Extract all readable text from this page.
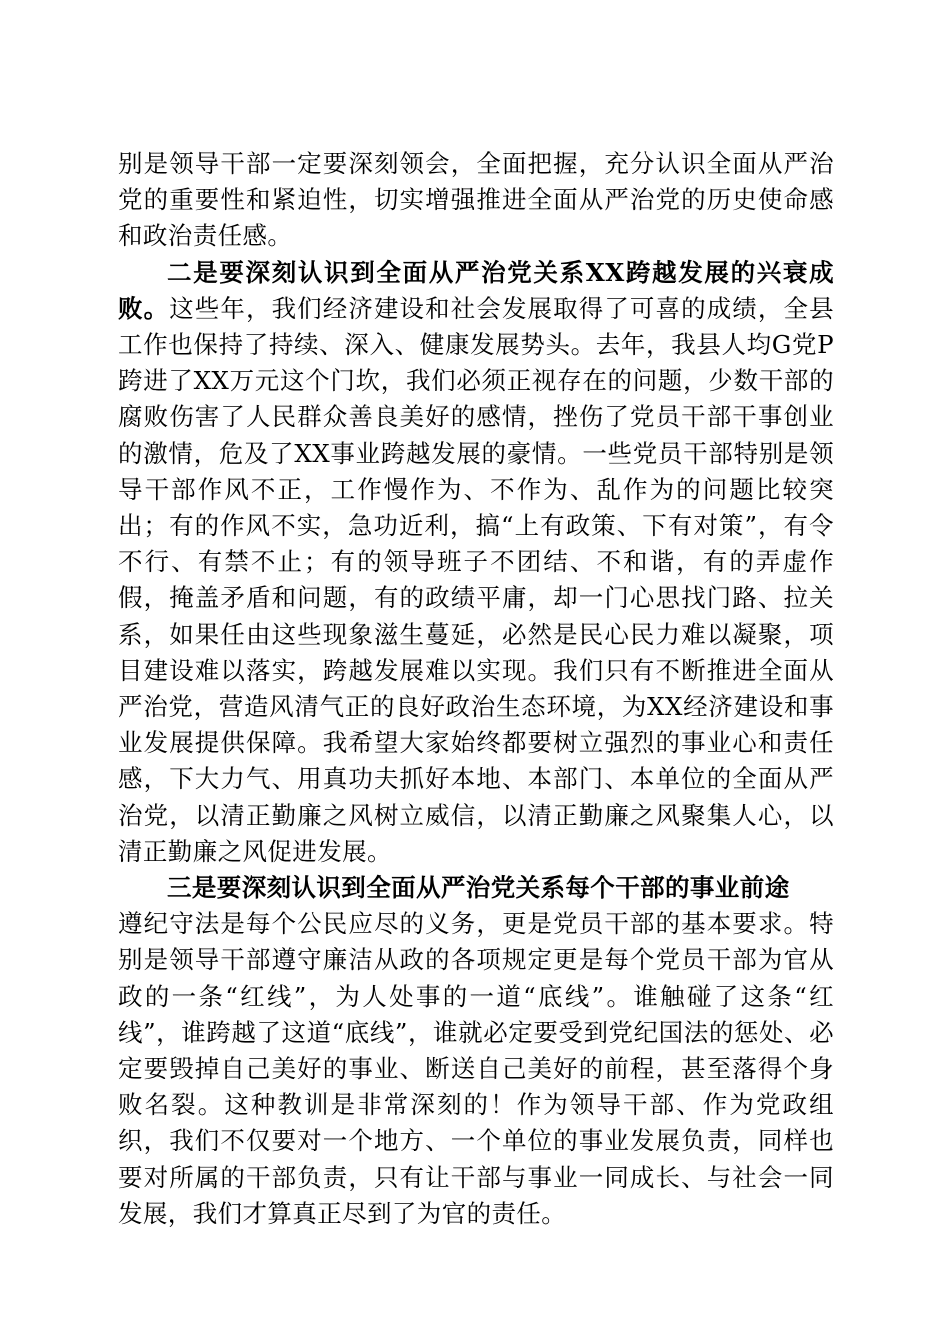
别是领导干部一定要深刻领会，全面把握，充分认识全面从严治党的重要性和紧迫性，切实增强推进全面从严治党的历史使命感和政治责任感。

二是要深刻认识到全面从严治党关系XX跨越发展的兴衰成败。这些年，我们经济建设和社会发展取得了可喜的成绩，全县工作也保持了持续、深入、健康发展势头。去年，我县人均G党P跨进了XX万元这个门坎，我们必须正视存在的问题，少数干部的腐败伤害了人民群众善良美好的感情，挫伤了党员干部干事创业的激情，危及了XX事业跨越发展的豪情。一些党员干部特别是领导干部作风不正，工作慢作为、不作为、乱作为的问题比较突出；有的作风不实，急功近利，搞“上有政策、下有对策”，有令不行、有禁不止；有的领导班子不团结、不和谐，有的弄虚作假，掩盖矛盾和问题，有的政绩平庸，却一门心思找门路、拉关系，如果任由这些现象滋生蔓延，必然是民心民力难以凝聚，项目建设难以落实，跨越发展难以实现。我们只有不断推进全面从严治党，营造风清气正的良好政治生态环境，为XX经济建设和事业发展提供保障。我希望大家始终都要树立强烈的事业心和责任感，下大力气、用真功夫抓好本地、本部门、本单位的全面从严治党，以清正勤廉之风树立威信，以清正勤廉之风聚集人心，以清正勤廉之风促进发展。

三是要深刻认识到全面从严治党关系每个干部的事业前途
遵纪守法是每个公民应尽的义务，更是党员干部的基本要求。特别是领导干部遵守廉洁从政的各项规定更是每个党员干部为官从政的一条“红线”，为人处事的一道“底线”。谁触碰了这条“红线”，谁跨越了这道“底线”，谁就必定要受到党纪国法的惩处、必定要毁掉自己美好的事业、断送自己美好的前程，甚至落得个身败名裂。这种教训是非常深刻的！作为领导干部、作为党政组织，我们不仅要对一个地方、一个单位的事业发展负责，同样也要对所属的干部负责，只有让干部与事业一同成长、与社会一同发展，我们才算真正尽到了为官的责任。
